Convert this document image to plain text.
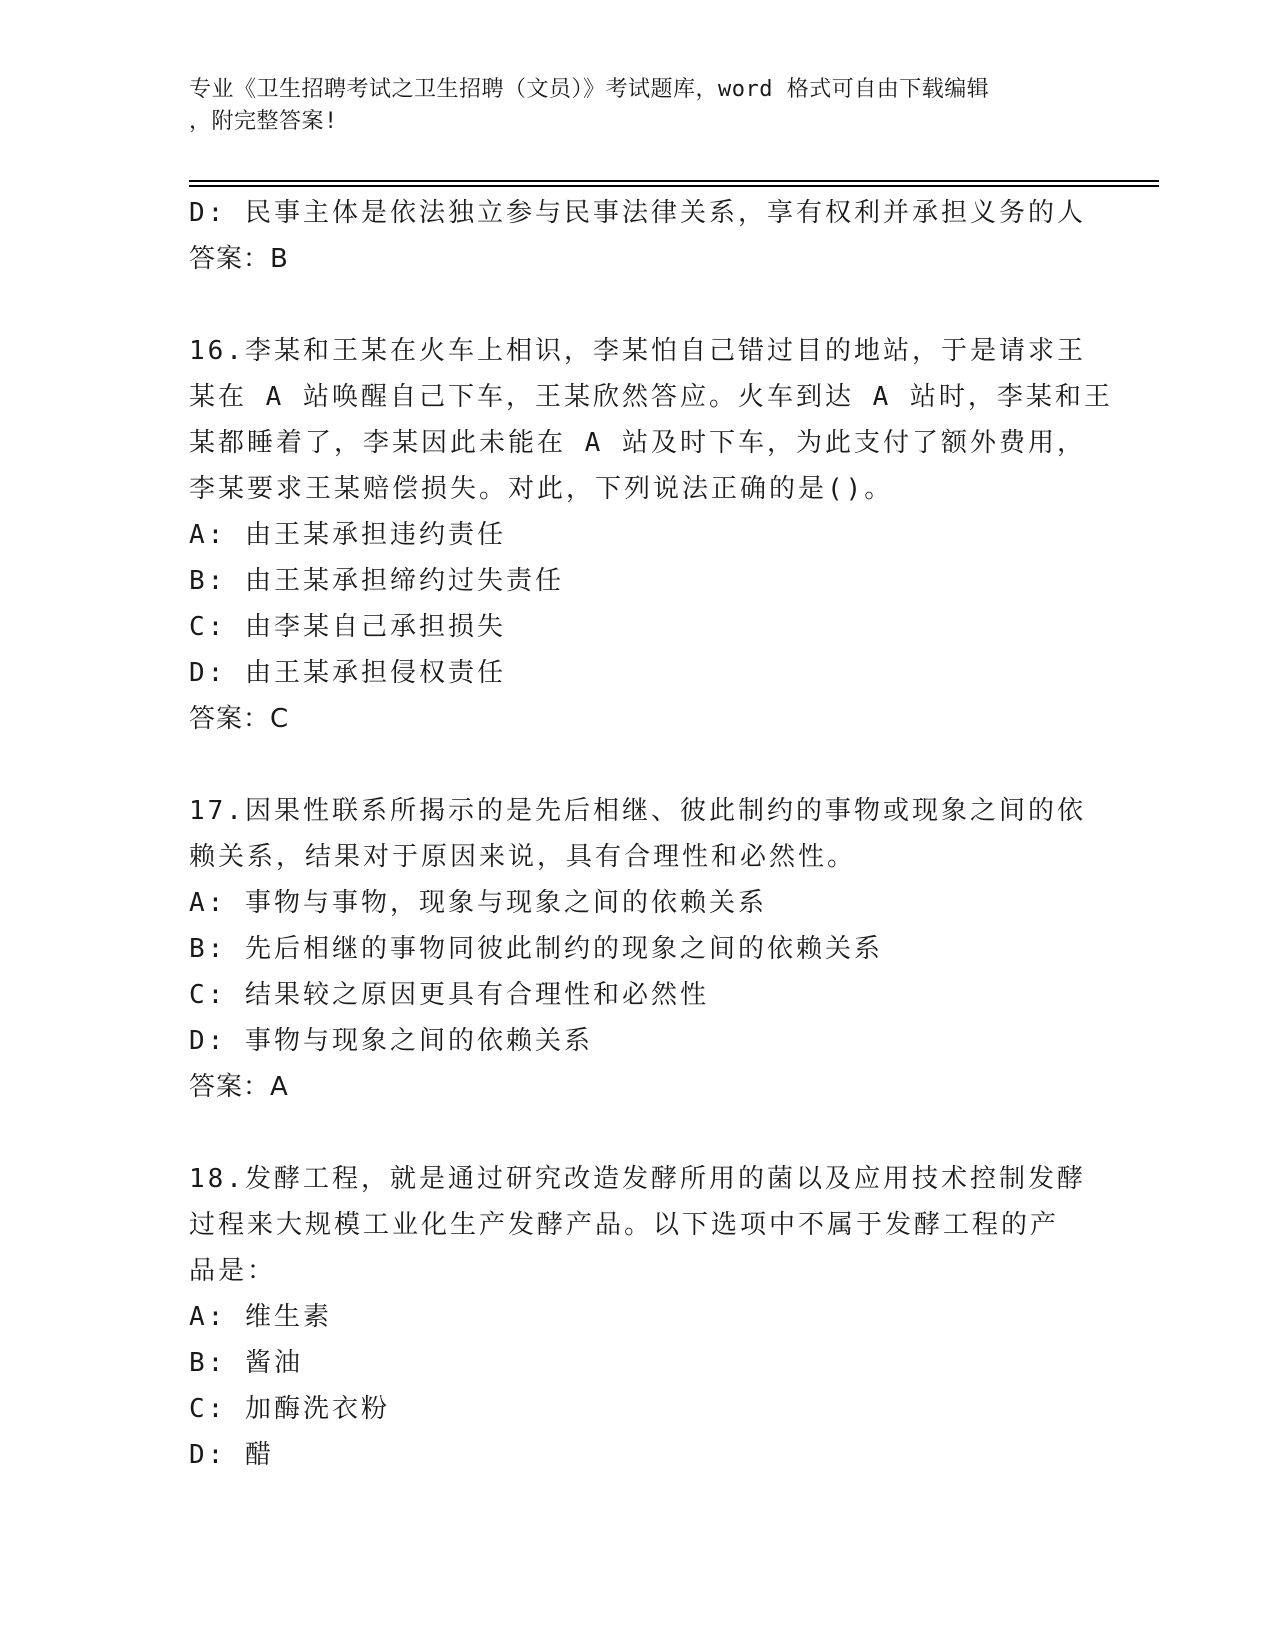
专业《卫生招聘考试之卫生招聘（文员）》考试题库，word 格式可自由下载编辑
，附完整答案!
D: 民事主体是依法独立参与民事法律关系，享有权利并承担义务的人
答案：B
16.李某和王某在火车上相识，李某怕自己错过目的地站，于是请求王
某在 A 站唤醒自己下车，王某欣然答应。火车到达 A 站时，李某和王
某都睡着了，李某因此未能在 A 站及时下车，为此支付了额外费用，
李某要求王某赔偿损失。对此，下列说法正确的是()。
A: 由王某承担违约责任
B: 由王某承担缔约过失责任
C: 由李某自己承担损失
D: 由王某承担侵权责任
答案：C
17.因果性联系所揭示的是先后相继、彼此制约的事物或现象之间的依
赖关系，结果对于原因来说，具有合理性和必然性。
A: 事物与事物，现象与现象之间的依赖关系
B: 先后相继的事物同彼此制约的现象之间的依赖关系
C: 结果较之原因更具有合理性和必然性
D: 事物与现象之间的依赖关系
答案：A
18.发酵工程，就是通过研究改造发酵所用的菌以及应用技术控制发酵
过程来大规模工业化生产发酵产品。以下选项中不属于发酵工程的产
品是：
A: 维生素
B: 酱油
C: 加酶洗衣粉
D: 醋
